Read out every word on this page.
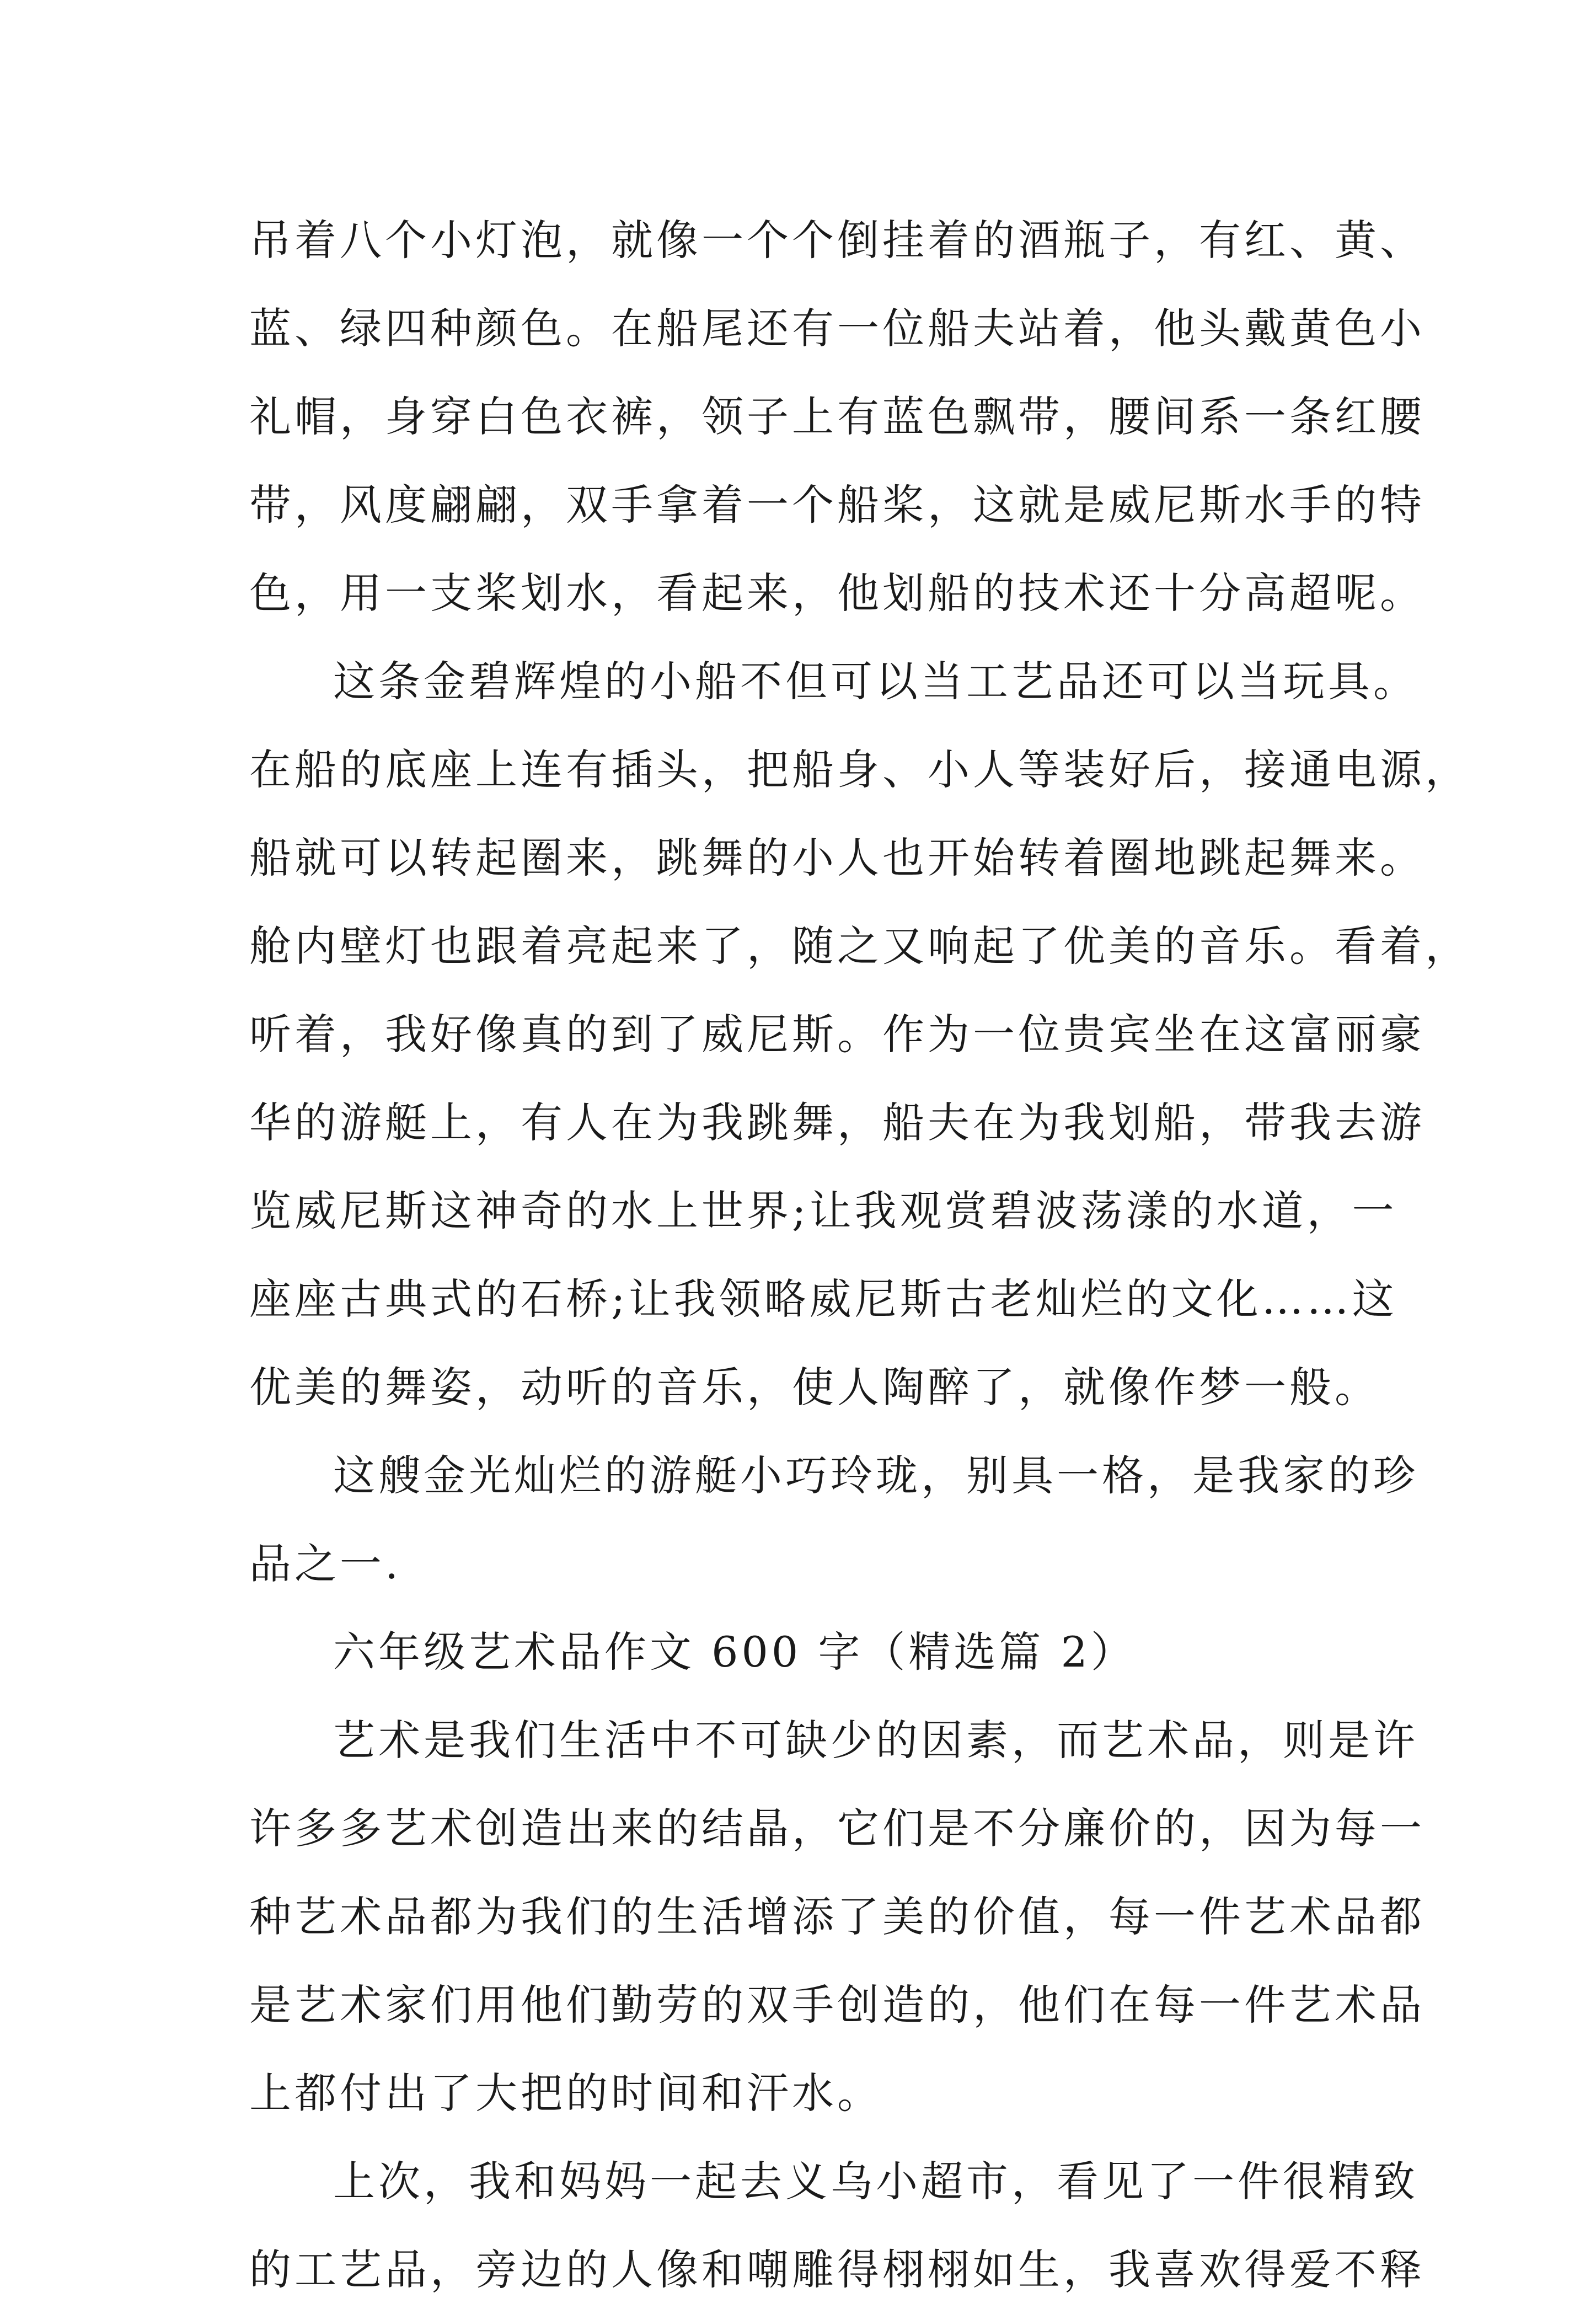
吊着八个小灯泡，就像一个个倒挂着的酒瓶子，有红、黄、
蓝、绿四种颜色。在船尾还有一位船夫站着，他头戴黄色小
礼帽，身穿白色衣裤，领子上有蓝色飘带，腰间系一条红腰
带，风度翩翩，双手拿着一个船桨，这就是威尼斯水手的特
色，用一支桨划水，看起来，他划船的技术还十分高超呢。
这条金碧辉煌的小船不但可以当工艺品还可以当玩具。
在船的底座上连有插头，把船身、小人等装好后，接通电源，
船就可以转起圈来，跳舞的小人也开始转着圈地跳起舞来。
舱内壁灯也跟着亮起来了，随之又响起了优美的音乐。看着，
听着，我好像真的到了威尼斯。作为一位贵宾坐在这富丽豪
华的游艇上，有人在为我跳舞，船夫在为我划船，带我去游
览威尼斯这神奇的水上世界;让我观赏碧波荡漾的水道，一
座座古典式的石桥;让我领略威尼斯古老灿烂的文化……这
优美的舞姿，动听的音乐，使人陶醉了，就像作梦一般。
这艘金光灿烂的游艇小巧玲珑，别具一格，是我家的珍
品之一.
六年级艺术品作文 600 字（精选篇 2）
艺术是我们生活中不可缺少的因素，而艺术品，则是许
许多多艺术创造出来的结晶，它们是不分廉价的，因为每一
种艺术品都为我们的生活增添了美的价值，每一件艺术品都
是艺术家们用他们勤劳的双手创造的，他们在每一件艺术品
上都付出了大把的时间和汗水。
上次，我和妈妈一起去义乌小超市，看见了一件很精致
的工艺品，旁边的人像和嘲雕得栩栩如生，我喜欢得爱不释
